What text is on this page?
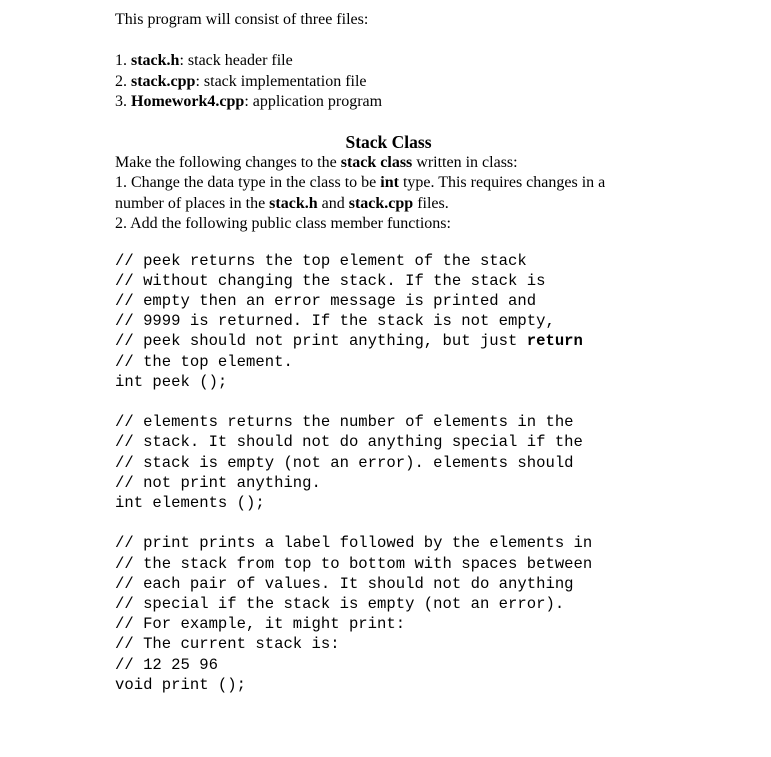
This program will consist of three files:

1. stack.h: stack header file

2. stack.cpp: stack implementation file

3. Homework4.cpp: application program

Stack Class

Make the following changes to the stack class written in class:

1. Change the data type in the class to be int type. This requires changes in a

number of places in the stack.h and stack.cpp files.

2. Add the following public class member functions:

// peek returns the top element of the stack

// without changing the stack. If the stack is

// empty then an error message is printed and

// 9999 is returned. If the stack is not empty,

// peek should not print anything, but just return

// the top element.

int peek ();

// elements returns the number of elements in the

// stack. It should not do anything special if the

// stack is empty (not an error). elements should

// not print anything.

int elements ();

// print prints a label followed by the elements in

// the stack from top to bottom with spaces between

// each pair of values. It should not do anything

// special if the stack is empty (not an error).

// For example, it might print:

// The current stack is:

// 12 25 96

void print ();
